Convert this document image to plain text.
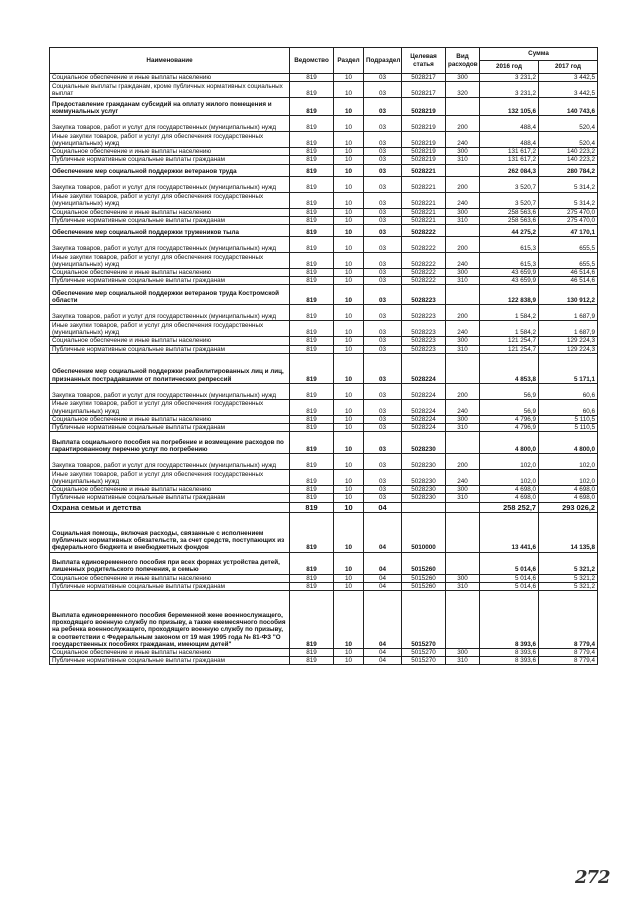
Наименование	Ведомство	Раздел	Подраздел	Целевая статья	Вид расходов	Сумма	
						2016 год	2017 год
Социальное обеспечение и иные выплаты населению	819	10	03	5028217	300	3 231,2	3 442,5
Социальные выплаты гражданам, кроме публичных нормативных социальных выплат	819	10	03	5028217	320	3 231,2	3 442,5
Предоставление гражданам субсидий на оплату жилого помещения и коммунальных услуг	819	10	03	5028219		132 105,6	140 743,6
Закупка товаров, работ и услуг для государственных (муниципальных) нужд	819	10	03	5028219	200	488,4	520,4
Иные закупки товаров, работ и услуг для обеспечения государственных (муниципальных) нужд	819	10	03	5028219	240	488,4	520,4
Социальное обеспечение и иные выплаты населению	819	10	03	5028219	300	131 617,2	140 223,2
Публичные нормативные социальные выплаты гражданам	819	10	03	5028219	310	131 617,2	140 223,2
Обеспечение мер социальной поддержки ветеранов труда	819	10	03	5028221		262 084,3	280 784,2
Закупка товаров, работ и услуг для государственных (муниципальных) нужд	819	10	03	5028221	200	3 520,7	5 314,2
Иные закупки товаров, работ и услуг для обеспечения государственных (муниципальных) нужд	819	10	03	5028221	240	3 520,7	5 314,2
Социальное обеспечение и иные выплаты населению	819	10	03	5028221	300	258 563,6	275 470,0
Публичные нормативные социальные выплаты гражданам	819	10	03	5028221	310	258 563,6	275 470,0
Обеспечение мер социальной поддержки тружеников тыла	819	10	03	5028222		44 275,2	47 170,1
Закупка товаров, работ и услуг для государственных (муниципальных) нужд	819	10	03	5028222	200	615,3	655,5
Иные закупки товаров, работ и услуг для обеспечения государственных (муниципальных) нужд	819	10	03	5028222	240	615,3	655,5
Социальное обеспечение и иные выплаты населению	819	10	03	5028222	300	43 659,9	46 514,6
Публичные нормативные социальные выплаты гражданам	819	10	03	5028222	310	43 659,9	46 514,6
Обеспечение мер социальной поддержки ветеранов труда Костромской области	819	10	03	5028223		122 838,9	130 912,2
Закупка товаров, работ и услуг для государственных (муниципальных) нужд	819	10	03	5028223	200	1 584,2	1 687,9
Иные закупки товаров, работ и услуг для обеспечения государственных (муниципальных) нужд	819	10	03	5028223	240	1 584,2	1 687,9
Социальное обеспечение и иные выплаты населению	819	10	03	5028223	300	121 254,7	129 224,3
Публичные нормативные социальные выплаты гражданам	819	10	03	5028223	310	121 254,7	129 224,3
Обеспечение мер социальной поддержки реабилитированных лиц и лиц, признанных пострадавшими от политических репрессий	819	10	03	5028224		4 853,8	5 171,1
Закупка товаров, работ и услуг для государственных (муниципальных) нужд	819	10	03	5028224	200	56,9	60,6
Иные закупки товаров, работ и услуг для обеспечения государственных (муниципальных) нужд	819	10	03	5028224	240	56,9	60,6
Социальное обеспечение и иные выплаты населению	819	10	03	5028224	300	4 796,9	5 110,5
Публичные нормативные социальные выплаты гражданам	819	10	03	5028224	310	4 796,9	5 110,5
Выплата социального пособия на погребение и возмещение расходов по гарантированному перечню услуг по погребению	819	10	03	5028230		4 800,0	4 800,0
Закупка товаров, работ и услуг для государственных (муниципальных) нужд	819	10	03	5028230	200	102,0	102,0
Иные закупки товаров, работ и услуг для обеспечения государственных (муниципальных) нужд	819	10	03	5028230	240	102,0	102,0
Социальное обеспечение и иные выплаты населению	819	10	03	5028230	300	4 698,0	4 698,0
Публичные нормативные социальные выплаты гражданам	819	10	03	5028230	310	4 698,0	4 698,0
Охрана семьи и детства	819	10	04			258 252,7	293 026,2
Социальная помощь, включая расходы, связанные с исполнением публичных нормативных обязательств, за счет средств, поступающих из федерального бюджета и внебюджетных фондов	819	10	04	5010000		13 441,6	14 135,8
Выплата единовременного пособия при всех формах устройства детей, лишенных родительского попечения, в семью	819	10	04	5015260		5 014,6	5 321,2
Социальное обеспечение и иные выплаты населению	819	10	04	5015260	300	5 014,6	5 321,2
Публичные нормативные социальные выплаты гражданам	819	10	04	5015260	310	5 014,6	5 321,2
Выплата единовременного пособия беременной жене военнослужащего, проходящего военную службу по призыву, а также ежемесячного пособия на ребенка военнослужащего, проходящего военную службу по призыву, в соответствии с Федеральным законом от 19 мая 1995 года № 81-ФЗ "О государственных пособиях гражданам, имеющим детей"	819	10	04	5015270		8 393,6	8 779,4
Социальное обеспечение и иные выплаты населению	819	10	04	5015270	300	8 393,6	8 779,4
Публичные нормативные социальные выплаты гражданам	819	10	04	5015270	310	8 393,6	8 779,4
272
